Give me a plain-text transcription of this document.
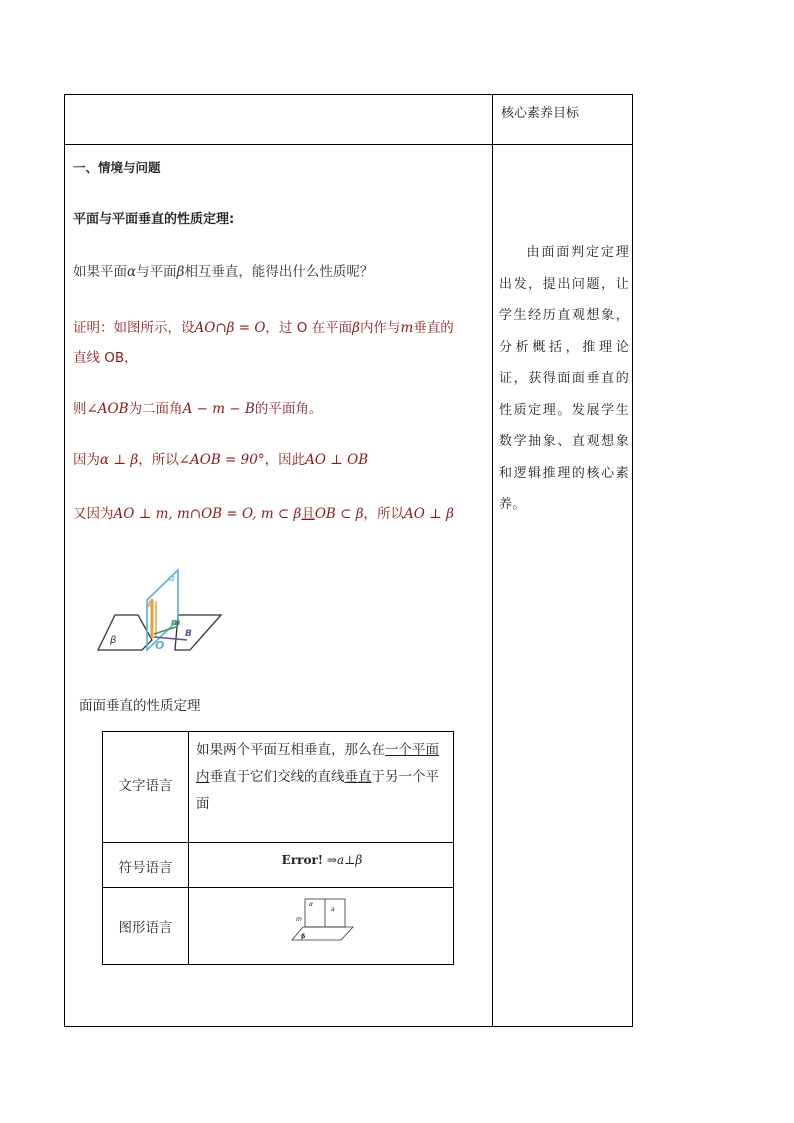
核心素养目标
由面面判定定理出发，提出问题，让学生经历直观想象，分析概括，推理论证，获得面面垂直的性质定理。发展学生 数学抽象、直观想象和逻辑推理的核心素养。
一、情境与问题
平面与平面垂直的性质定理:
如果平面α与平面β相互垂直，能得出什么性质呢？
证明：如图所示，设AO∩β = O，过 O 在平面β内作与m垂直的
直线 OB，
则∠AOB为二面角A − m − B的平面角。
因为α ⊥ β，所以∠AOB = 90°，因此AO ⊥ OB
又因为AO ⊥ m, m∩OB = O, m ⊂ β且OB ⊂ β，所以AO ⊥ β
α
β
A
O
m
B
面面垂直的性质定理
文字语言
符号语言
图形语言
如果两个平面互相垂直，那么在一个平面内垂直于它们交线的直线垂直于另一个平面
Error! ⇒a⊥β
α
a
m
β
